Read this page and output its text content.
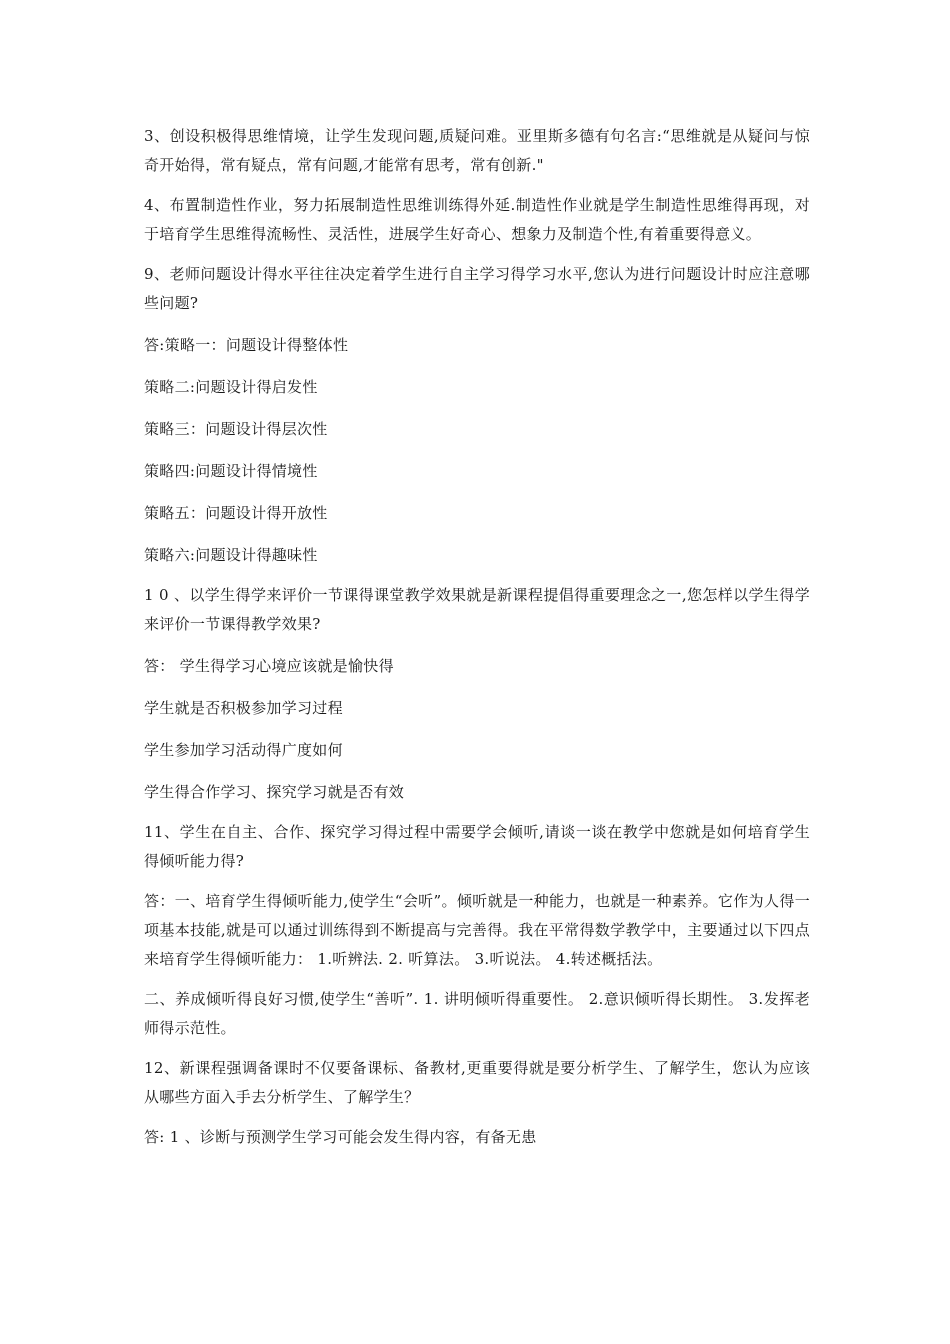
3、创设积极得思维情境，让学生发现问题,质疑问难。亚里斯多德有句名言:“思维就是从疑问与惊奇开始得，常有疑点，常有问题,才能常有思考，常有创新."

4、布置制造性作业，努力拓展制造性思维训练得外延.制造性作业就是学生制造性思维得再现，对于培育学生思维得流畅性、灵活性，进展学生好奇心、想象力及制造个性,有着重要得意义。

9、老师问题设计得水平往往决定着学生进行自主学习得学习水平,您认为进行问题设计时应注意哪些问题?

答:策略一：问题设计得整体性

策略二:问题设计得启发性

策略三：问题设计得层次性

策略四:问题设计得情境性

策略五：问题设计得开放性

策略六:问题设计得趣味性

1 0 、以学生得学来评价一节课得课堂教学效果就是新课程提倡得重要理念之一,您怎样以学生得学来评价一节课得教学效果?

答： 学生得学习心境应该就是愉快得

学生就是否积极参加学习过程

学生参加学习活动得广度如何

学生得合作学习、探究学习就是否有效

11、学生在自主、合作、探究学习得过程中需要学会倾听,请谈一谈在教学中您就是如何培育学生得倾听能力得?

答：一、培育学生得倾听能力,使学生“会听”。倾听就是一种能力，也就是一种素养。它作为人得一项基本技能,就是可以通过训练得到不断提高与完善得。我在平常得数学教学中，主要通过以下四点来培育学生得倾听能力： 1.听辨法. 2. 听算法。 3.听说法。 4.转述概括法。

二、养成倾听得良好习惯,使学生“善听”. 1. 讲明倾听得重要性。 2.意识倾听得长期性。 3.发挥老师得示范性。

12、新课程强调备课时不仅要备课标、备教材,更重要得就是要分析学生、了解学生，您认为应该从哪些方面入手去分析学生、了解学生？

答: 1 、诊断与预测学生学习可能会发生得内容，有备无患
